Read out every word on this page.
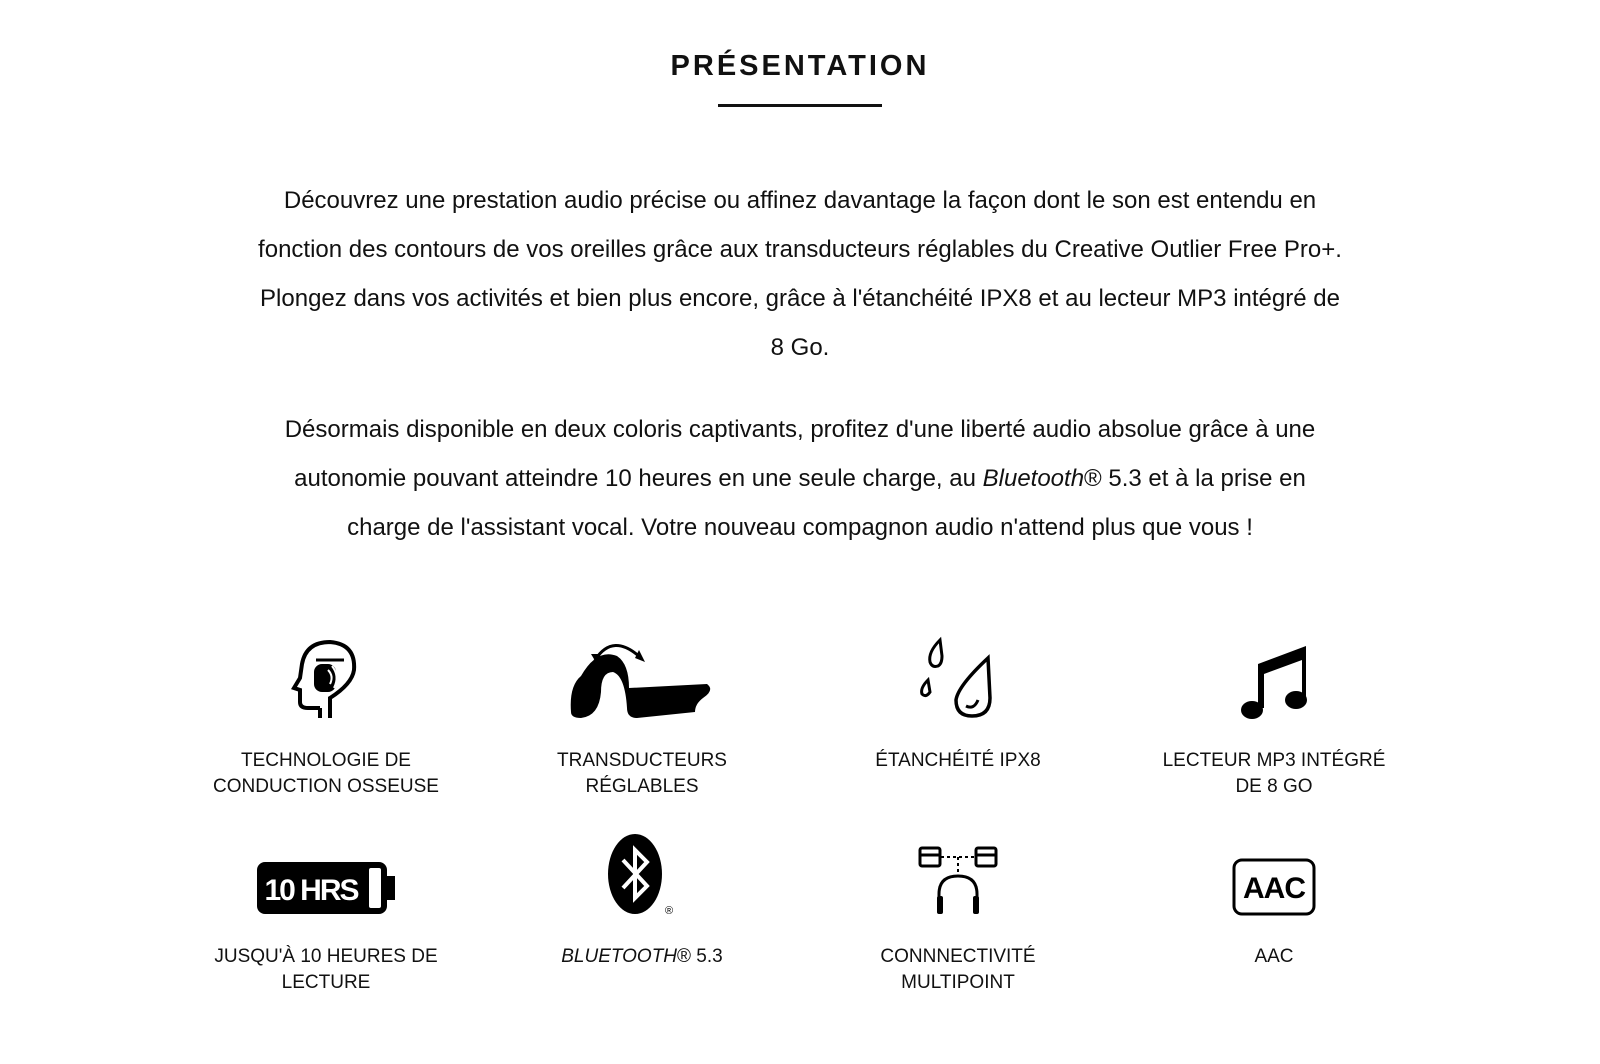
PRÉSENTATION
Découvrez une prestation audio précise ou affinez davantage la façon dont le son est entendu en
fonction des contours de vos oreilles grâce aux transducteurs réglables du Creative Outlier Free Pro+.
Plongez dans vos activités et bien plus encore, grâce à l'étanchéité IPX8 et au lecteur MP3 intégré de
8 Go.
Désormais disponible en deux coloris captivants, profitez d'une liberté audio absolue grâce à une
autonomie pouvant atteindre 10 heures en une seule charge, au Bluetooth® 5.3 et à la prise en
charge de l'assistant vocal. Votre nouveau compagnon audio n'attend plus que vous !
TECHNOLOGIE DE
CONDUCTION OSSEUSE
TRANSDUCTEURS
RÉGLABLES
ÉTANCHÉITÉ IPX8	LECTEUR MP3 INTÉGRÉ
DE 8 GO
10 HRS
JUSQU'À 10 HEURES DE
LECTURE
®
BLUETOOTH® 5.3	CONNNECTIVITÉ
MULTIPOINT
AAC
AAC
